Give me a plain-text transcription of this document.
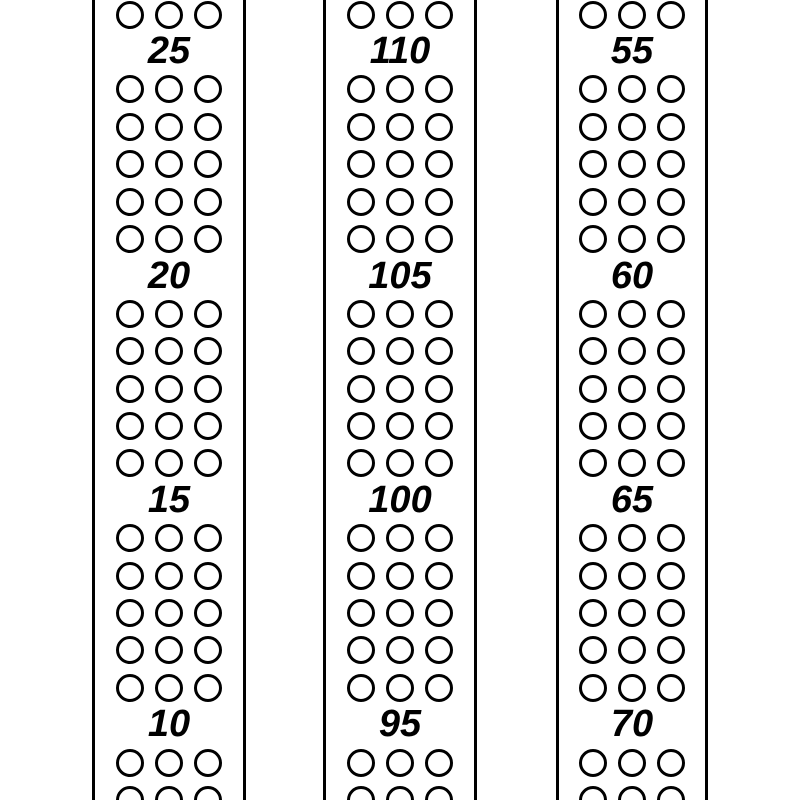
25
20
15
10
110
105
100
95
55
60
65
70
